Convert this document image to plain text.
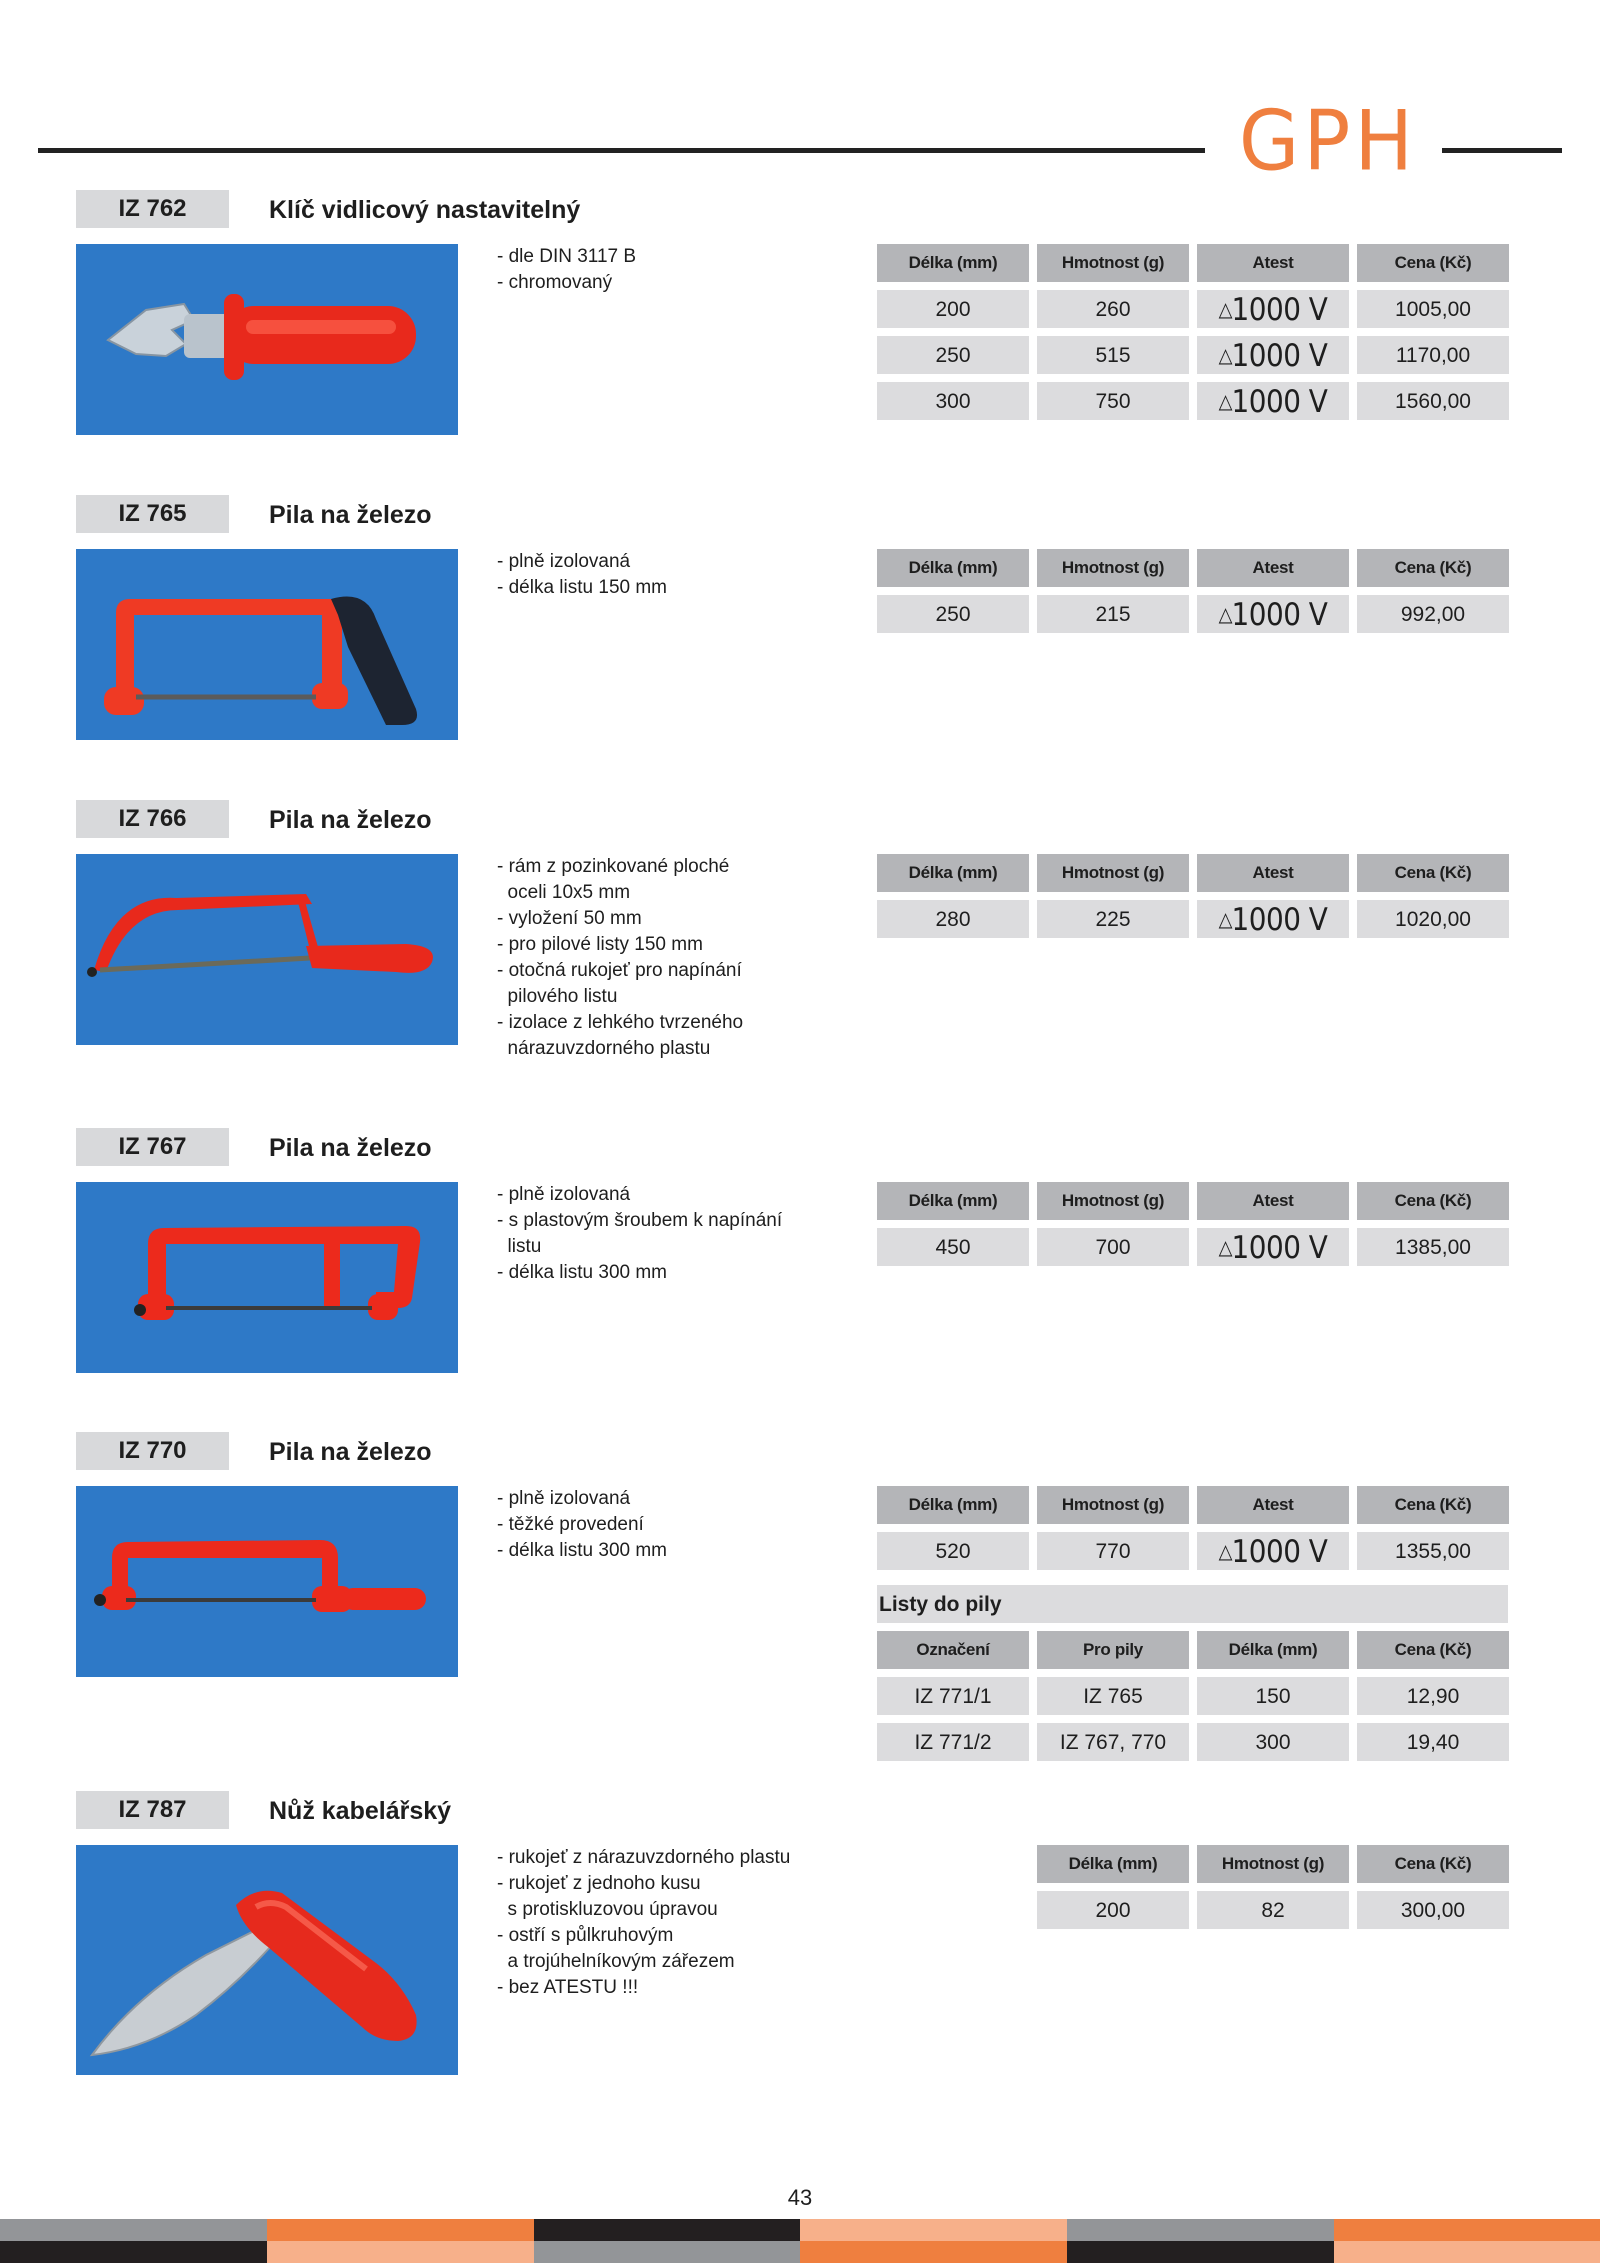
GPH
IZ 762	Klíč vidlicový nastavitelný
- dle DIN 3117 B
- chromovaný
Délka (mm)	Hmotnost (g)	Atest	Cena (Kč)
200	260	△1000 V	1005,00
250	515	△1000 V	1170,00
300	750	△1000 V	1560,00
IZ 765	Pila na železo
- plně izolovaná
- délka listu 150 mm
Délka (mm)	Hmotnost (g)	Atest	Cena (Kč)
250	215	△1000 V	992,00
IZ 766	Pila na železo
- rám z pozinkované ploché
oceli 10x5 mm
- vyložení 50 mm
- pro pilové listy 150 mm
- otočná rukojeť pro napínání
pilového listu
- izolace z lehkého tvrzeného
nárazuvzdorného plastu
Délka (mm)	Hmotnost (g)	Atest	Cena (Kč)
280	225	△1000 V	1020,00
IZ 767	Pila na železo
- plně izolovaná
- s plastovým šroubem k napínání
listu
- délka listu 300 mm
Délka (mm)	Hmotnost (g)	Atest	Cena (Kč)
450	700	△1000 V	1385,00
IZ 770	Pila na železo
- plně izolovaná
- těžké provedení
- délka listu 300 mm
Délka (mm)	Hmotnost (g)	Atest	Cena (Kč)
520	770	△1000 V	1355,00
Listy do pily
Označení	Pro pily	Délka (mm)	Cena (Kč)
IZ 771/1	IZ 765	150	12,90
IZ 771/2	IZ 767, 770	300	19,40
IZ 787	Nůž kabelářský
- rukojeť z nárazuvzdorného plastu
- rukojeť z jednoho kusu
s protiskluzovou úpravou
- ostří s půlkruhovým
a trojúhelníkovým zářezem
- bez ATESTU !!!
Délka (mm)	Hmotnost (g)	Cena (Kč)
200	82	300,00
43
